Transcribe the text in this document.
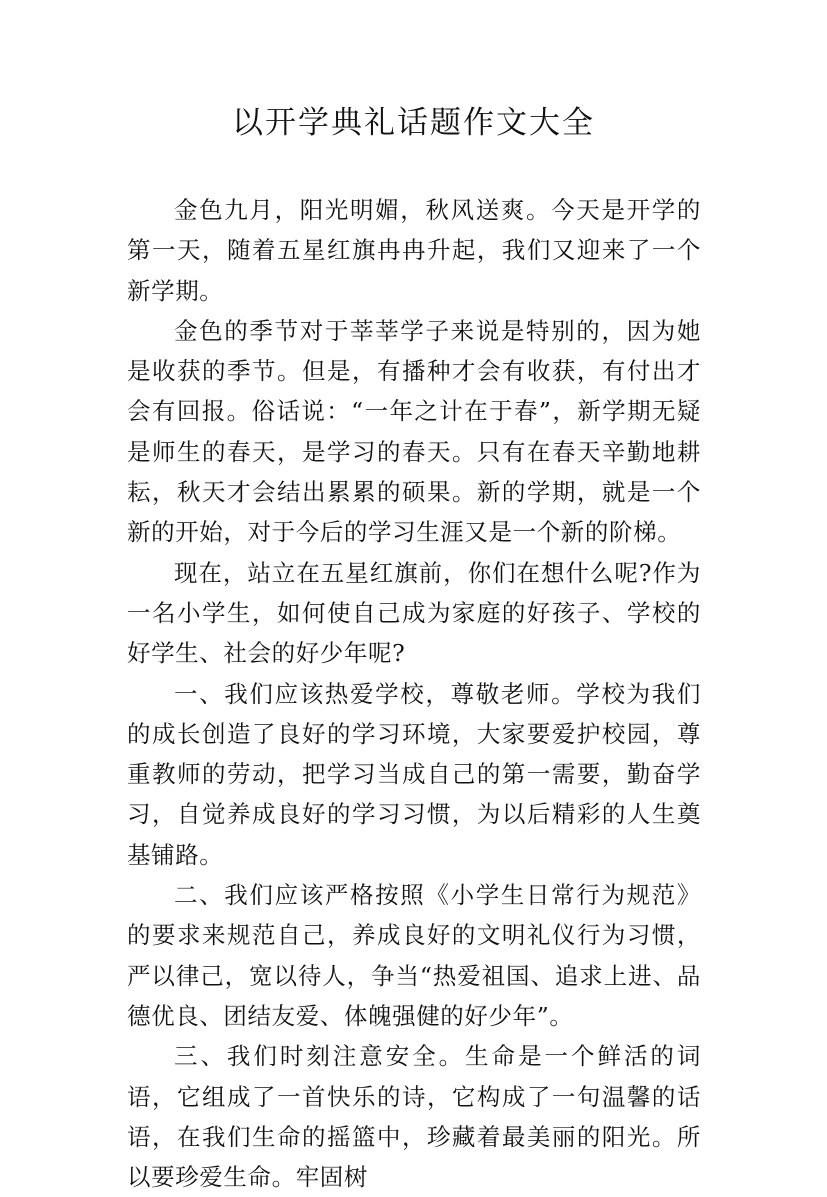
以开学典礼话题作文大全

金色九月，阳光明媚，秋风送爽。今天是开学的第一天，随着五星红旗冉冉升起，我们又迎来了一个新学期。

金色的季节对于莘莘学子来说是特别的，因为她是收获的季节。但是，有播种才会有收获，有付出才会有回报。俗话说：“一年之计在于春”，新学期无疑是师生的春天，是学习的春天。只有在春天辛勤地耕耘，秋天才会结出累累的硕果。新的学期，就是一个新的开始，对于今后的学习生涯又是一个新的阶梯。

现在，站立在五星红旗前，你们在想什么呢?作为一名小学生，如何使自己成为家庭的好孩子、学校的好学生、社会的好少年呢?

一、我们应该热爱学校，尊敬老师。学校为我们的成长创造了良好的学习环境，大家要爱护校园，尊重教师的劳动，把学习当成自己的第一需要，勤奋学习，自觉养成良好的学习习惯，为以后精彩的人生奠基铺路。

二、我们应该严格按照《小学生日常行为规范》的要求来规范自己，养成良好的文明礼仪行为习惯，严以律己，宽以待人，争当“热爱祖国、追求上进、品德优良、团结友爱、体魄强健的好少年”。

三、我们时刻注意安全。生命是一个鲜活的词语，它组成了一首快乐的诗，它构成了一句温馨的话语，在我们生命的摇篮中，珍藏着最美丽的阳光。所以要珍爱生命。牢固树
